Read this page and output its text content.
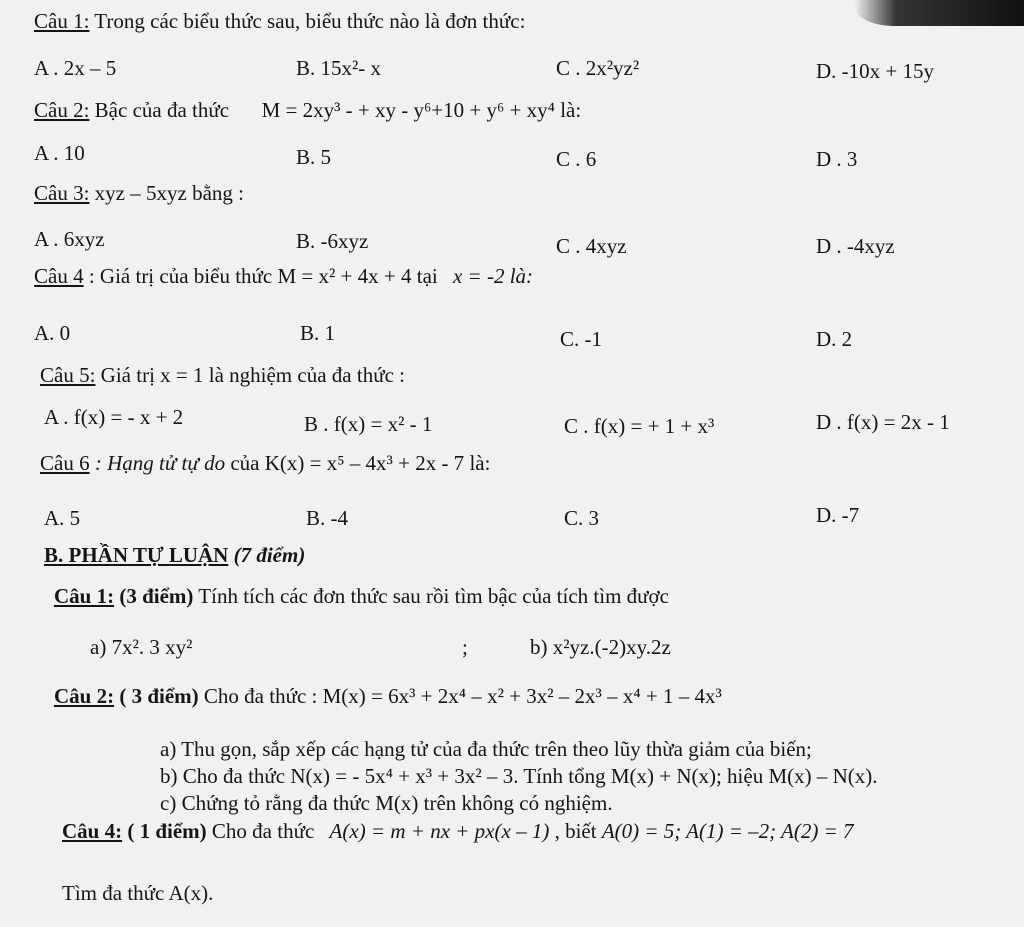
Câu 1: Trong các biểu thức sau, biểu thức nào là đơn thức:
A . 2x – 5	B. 15x²- x	C . 2x²yz²	D. -10x + 15y
Câu 2: Bậc của đa thức M = 2xy³ - + xy - y⁶+10 + y⁶ + xy⁴ là:
A . 10	B. 5	C . 6	D . 3
Câu 3: xyz – 5xyz bằng :
A . 6xyz	B. -6xyz	C . 4xyz	D . -4xyz
Câu 4 : Giá trị của biểu thức M = x² + 4x + 4 tại x = -2 là:
A. 0	B. 1	C. -1	D. 2
Câu 5: Giá trị x = 1 là nghiệm của đa thức :
A . f(x) = - x + 2	B . f(x) = x² - 1	C . f(x) = + 1 + x³	D . f(x) = 2x - 1
Câu 6 : Hạng tử tự do của K(x) = x⁵ – 4x³ + 2x - 7 là:
A. 5	B. -4	C. 3	D. -7
B. PHẦN TỰ LUẬN (7 điểm)
Câu 1: (3 điểm) Tính tích các đơn thức sau rồi tìm bậc của tích tìm được
a) 7x². 3 xy²	;	b) x²yz.(-2)xy.2z
Câu 2: ( 3 điểm) Cho đa thức : M(x) = 6x³ + 2x⁴ – x² + 3x² – 2x³ – x⁴ + 1 – 4x³
a) Thu gọn, sắp xếp các hạng tử của đa thức trên theo lũy thừa giảm của biến;
b) Cho đa thức N(x) = - 5x⁴ + x³ + 3x² – 3. Tính tổng M(x) + N(x); hiệu M(x) – N(x).
c) Chứng tỏ rằng đa thức M(x) trên không có nghiệm.
Câu 4: ( 1 điểm) Cho đa thức A(x) = m + nx + px(x – 1) , biết A(0) = 5; A(1) = –2; A(2) = 7
Tìm đa thức A(x).
